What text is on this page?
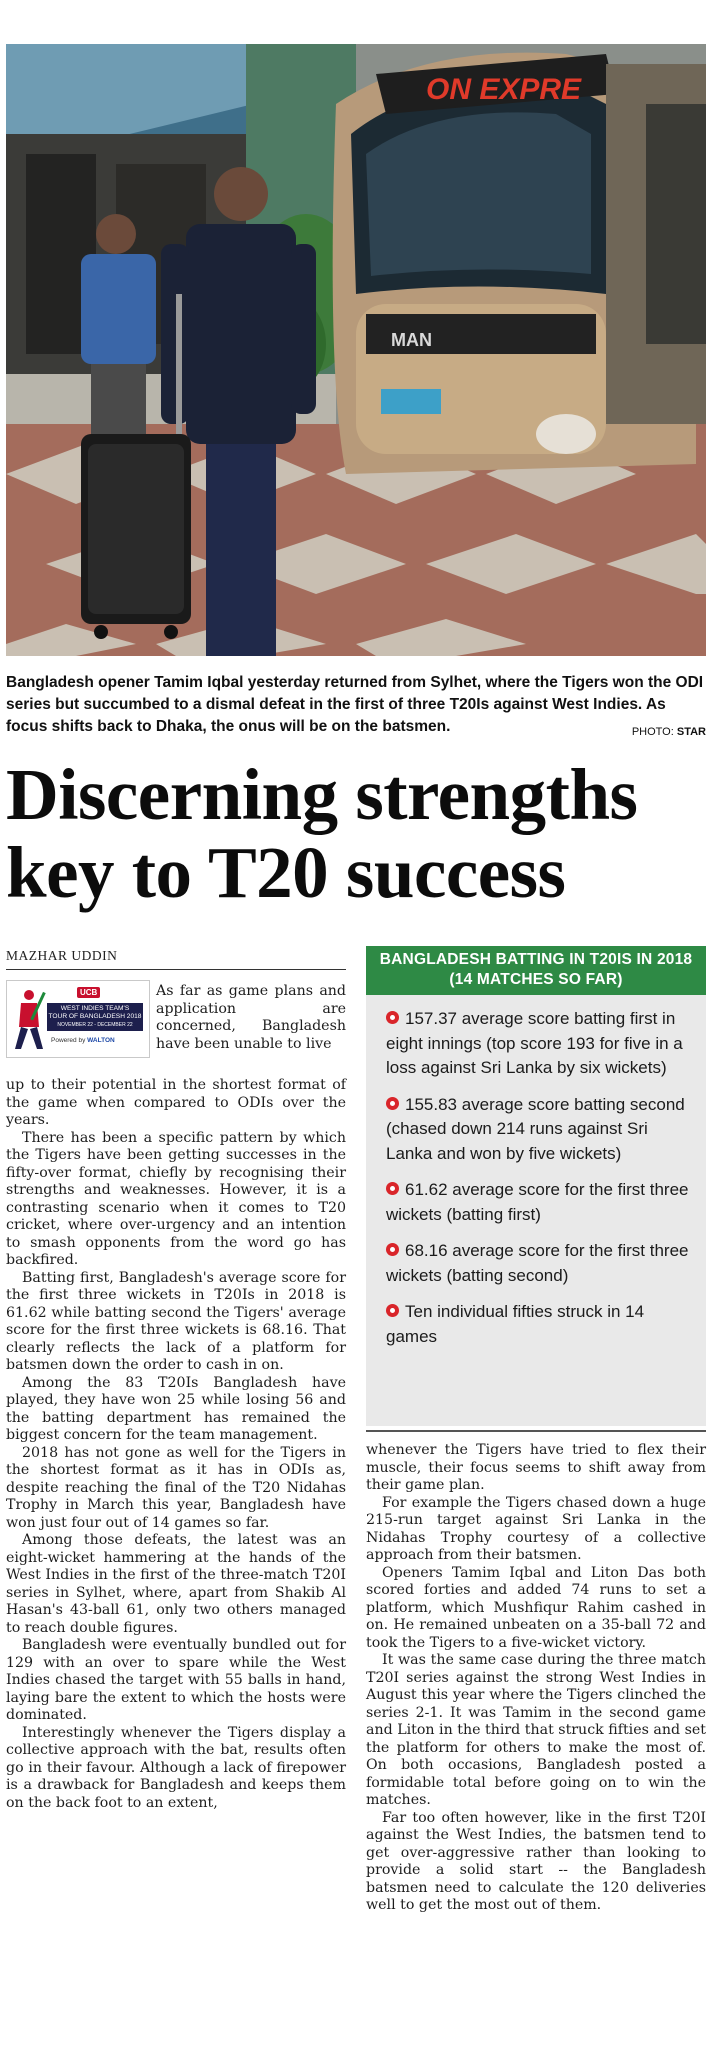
ON EXPRE
MAN
Bangladesh opener Tamim Iqbal yesterday returned from Sylhet, where the Tigers won the ODI series but succumbed to a dismal defeat in the first of three T20Is against West Indies. As focus shifts back to Dhaka, the onus will be on the batsmen.	PHOTO: STAR
Discerning strengths
key to T20 success
MAZHAR UDDIN
UCB
WEST INDIES TEAM'S
TOUR OF BANGLADESH 2018
NOVEMBER 22 - DECEMBER 22
Powered by WALTON

As far as game plans and application are concerned, Bangladesh have been unable to live

up to their potential in the shortest format of the game when compared to ODIs over the years.

There has been a specific pattern by which the Tigers have been getting successes in the fifty-over format, chiefly by recognising their strengths and weaknesses. However, it is a contrasting scenario when it comes to T20 cricket, where over-urgency and an intention to smash opponents from the word go has backfired.

Batting first, Bangladesh's average score for the first three wickets in T20Is in 2018 is 61.62 while batting second the Tigers' average score for the first three wickets is 68.16. That clearly reflects the lack of a platform for batsmen down the order to cash in on.

Among the 83 T20Is Bangladesh have played, they have won 25 while losing 56 and the batting department has remained the biggest concern for the team management.

2018 has not gone as well for the Tigers in the shortest format as it has in ODIs as, despite reaching the final of the T20 Nidahas Trophy in March this year, Bangladesh have won just four out of 14 games so far.

Among those defeats, the latest was an eight-wicket hammering at the hands of the West Indies in the first of the three-match T20I series in Sylhet, where, apart from Shakib Al Hasan's 43-ball 61, only two others managed to reach double figures.

Bangladesh were eventually bundled out for 129 with an over to spare while the West Indies chased the target with 55 balls in hand, laying bare the extent to which the hosts were dominated.

Interestingly whenever the Tigers display a collective approach with the bat, results often go in their favour. Although a lack of firepower is a drawback for Bangladesh and keeps them on the back foot to an extent,

BANGLADESH BATTING IN T20IS IN 2018 (14 MATCHES SO FAR)
157.37 average score batting first in eight innings (top score 193 for five in a loss against Sri Lanka by six wickets)
155.83 average score batting second (chased down 214 runs against Sri Lanka and won by five wickets)
61.62 average score for the first three wickets (batting first)
68.16 average score for the first three wickets (batting second)
Ten individual fifties struck in 14 games

whenever the Tigers have tried to flex their muscle, their focus seems to shift away from their game plan.

For example the Tigers chased down a huge 215-run target against Sri Lanka in the Nidahas Trophy courtesy of a collective approach from their batsmen.

Openers Tamim Iqbal and Liton Das both scored forties and added 74 runs to set a platform, which Mushfiqur Rahim cashed in on. He remained unbeaten on a 35-ball 72 and took the Tigers to a five-wicket victory.

It was the same case during the three match T20I series against the strong West Indies in August this year where the Tigers clinched the series 2-1. It was Tamim in the second game and Liton in the third that struck fifties and set the platform for others to make the most of. On both occasions, Bangladesh posted a formidable total before going on to win the matches.

Far too often however, like in the first T20I against the West Indies, the batsmen tend to get over-aggressive rather than looking to provide a solid start -- the Bangladesh batsmen need to calculate the 120 deliveries well to get the most out of them.
